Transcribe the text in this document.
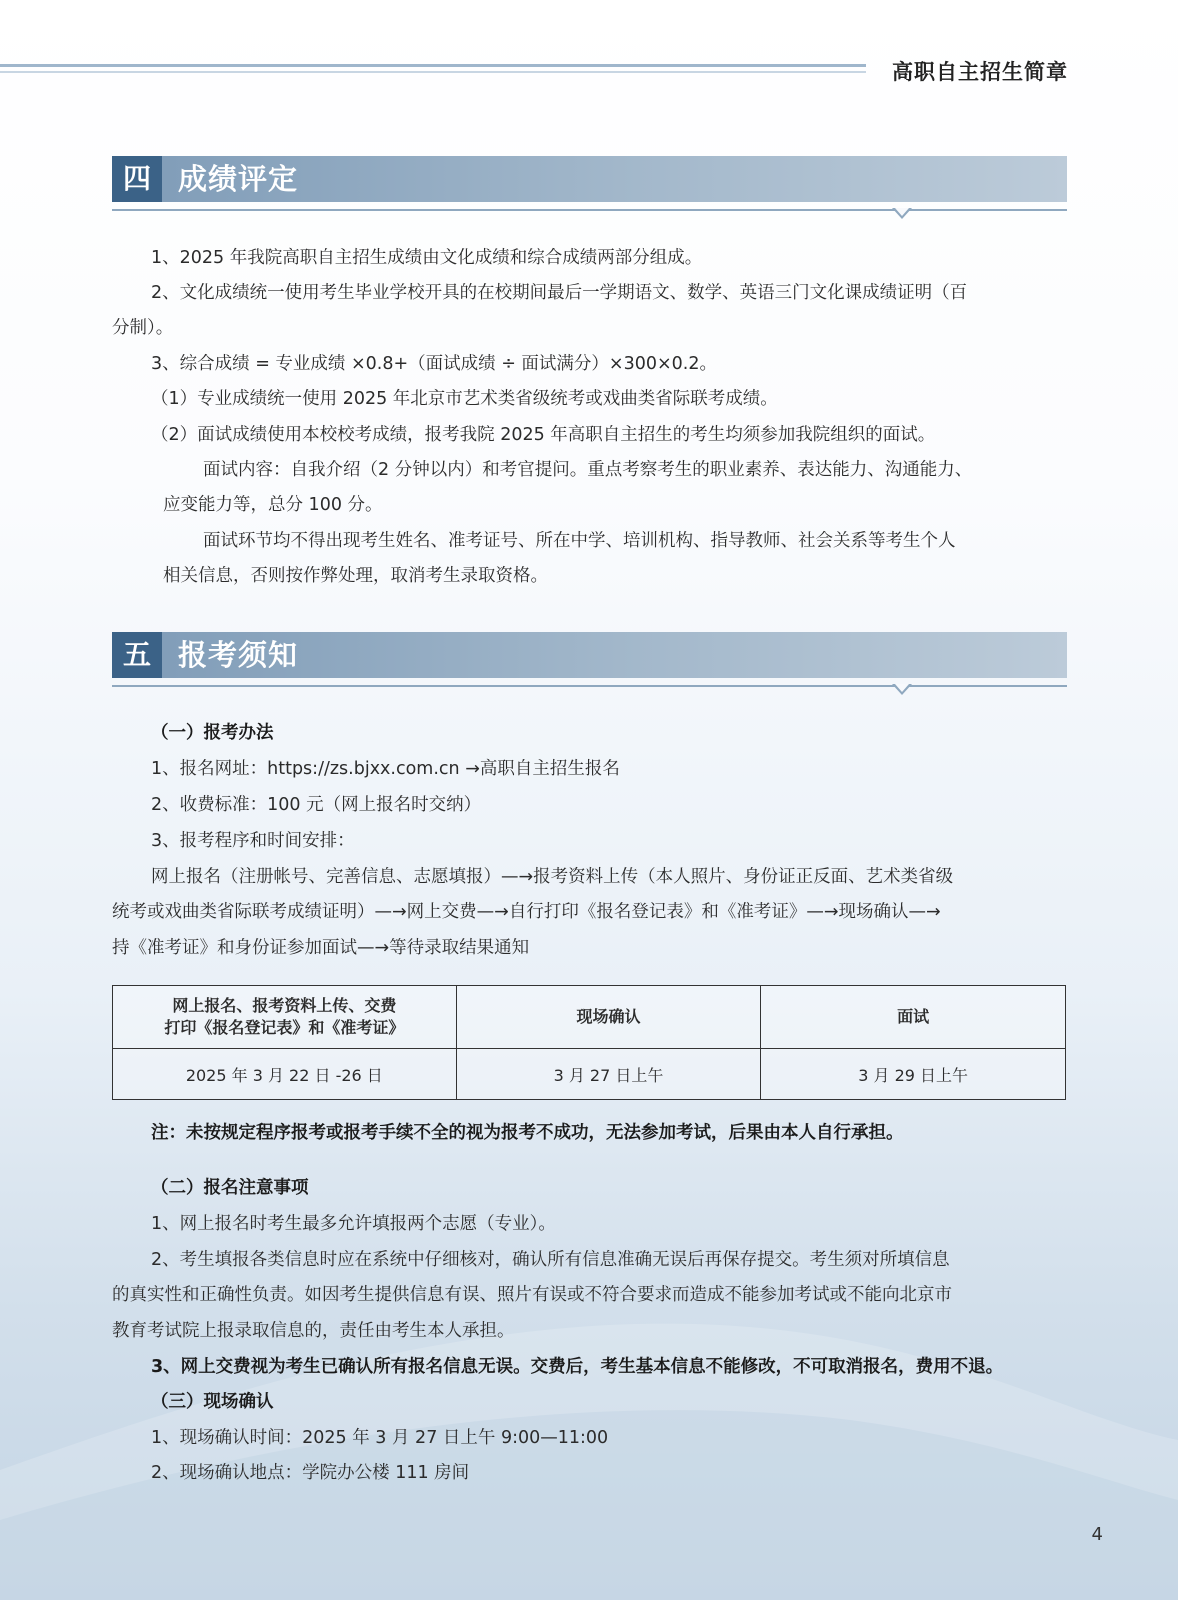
高职自主招生简章
四 成绩评定
1、2025 年我院高职自主招生成绩由文化成绩和综合成绩两部分组成。
2、文化成绩统一使用考生毕业学校开具的在校期间最后一学期语文、数学、英语三门文化课成绩证明（百
分制）。
3、综合成绩 = 专业成绩 ×0.8+（面试成绩 ÷ 面试满分）×300×0.2。
（1）专业成绩统一使用 2025 年北京市艺术类省级统考或戏曲类省际联考成绩。
（2）面试成绩使用本校校考成绩，报考我院 2025 年高职自主招生的考生均须参加我院组织的面试。
面试内容：自我介绍（2 分钟以内）和考官提问。重点考察考生的职业素养、表达能力、沟通能力、
应变能力等，总分 100 分。
面试环节均不得出现考生姓名、准考证号、所在中学、培训机构、指导教师、社会关系等考生个人
相关信息，否则按作弊处理，取消考生录取资格。
五 报考须知
（一）报考办法
1、报名网址：https://zs.bjxx.com.cn →高职自主招生报名
2、收费标准：100 元（网上报名时交纳）
3、报考程序和时间安排：
网上报名（注册帐号、完善信息、志愿填报）—→报考资料上传（本人照片、身份证正反面、艺术类省级
统考或戏曲类省际联考成绩证明）—→网上交费—→自行打印《报名登记表》和《准考证》—→现场确认—→
持《准考证》和身份证参加面试—→等待录取结果通知
网上报名、报考资料上传、交费
打印《报名登记表》和《准考证》	现场确认	面试
2025 年 3 月 22 日 -26 日	3 月 27 日上午	3 月 29 日上午
注：未按规定程序报考或报考手续不全的视为报考不成功，无法参加考试，后果由本人自行承担。
（二）报名注意事项
1、网上报名时考生最多允许填报两个志愿（专业）。
2、考生填报各类信息时应在系统中仔细核对，确认所有信息准确无误后再保存提交。考生须对所填信息
的真实性和正确性负责。如因考生提供信息有误、照片有误或不符合要求而造成不能参加考试或不能向北京市
教育考试院上报录取信息的，责任由考生本人承担。
3、网上交费视为考生已确认所有报名信息无误。交费后，考生基本信息不能修改，不可取消报名，费用不退。
（三）现场确认
1、现场确认时间：2025 年 3 月 27 日上午 9:00—11:00
2、现场确认地点：学院办公楼 111 房间
4
